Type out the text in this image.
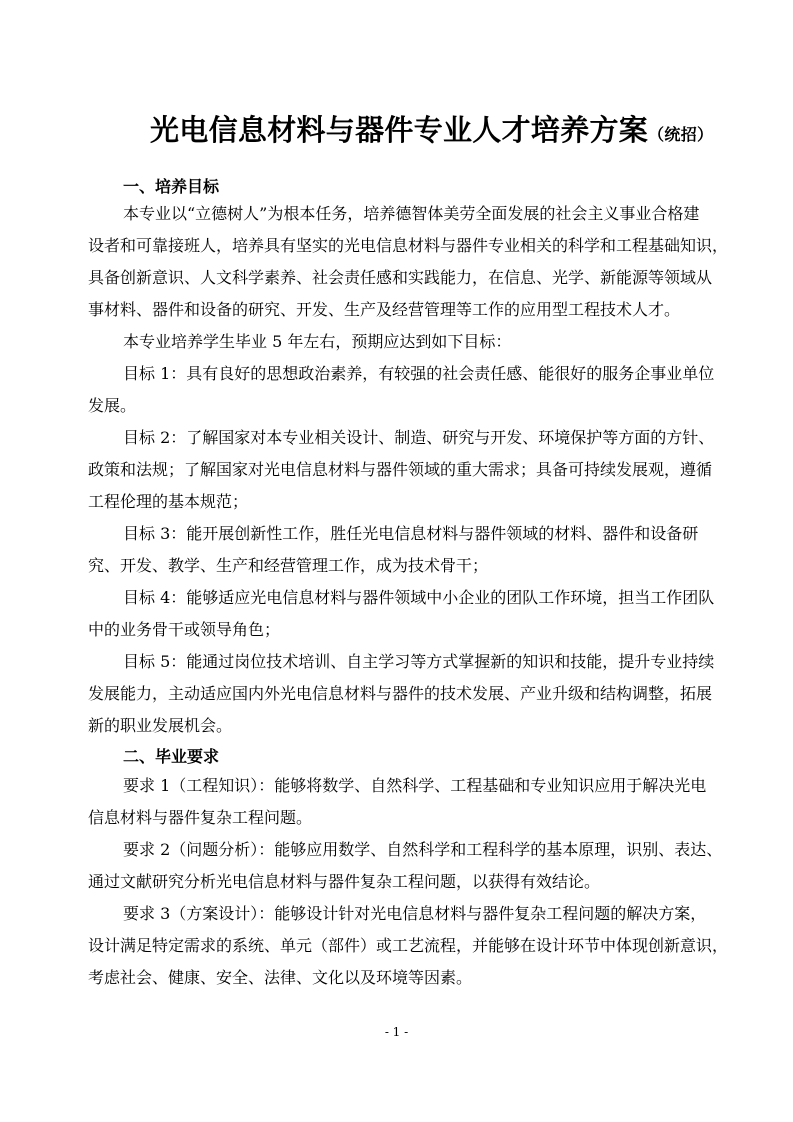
光电信息材料与器件专业人才培养方案（统招）
一、培养目标
本专业以“立德树人”为根本任务，培养德智体美劳全面发展的社会主义事业合格建
设者和可靠接班人，培养具有坚实的光电信息材料与器件专业相关的科学和工程基础知识，
具备创新意识、人文科学素养、社会责任感和实践能力，在信息、光学、新能源等领域从
事材料、器件和设备的研究、开发、生产及经营管理等工作的应用型工程技术人才。
本专业培养学生毕业 5 年左右，预期应达到如下目标：
目标 1：具有良好的思想政治素养，有较强的社会责任感、能很好的服务企事业单位
发展。
目标 2：了解国家对本专业相关设计、制造、研究与开发、环境保护等方面的方针、
政策和法规；了解国家对光电信息材料与器件领域的重大需求；具备可持续发展观，遵循
工程伦理的基本规范；
目标 3：能开展创新性工作，胜任光电信息材料与器件领域的材料、器件和设备研
究、开发、教学、生产和经营管理工作，成为技术骨干；
目标 4：能够适应光电信息材料与器件领域中小企业的团队工作环境，担当工作团队
中的业务骨干或领导角色；
目标 5：能通过岗位技术培训、自主学习等方式掌握新的知识和技能，提升专业持续
发展能力，主动适应国内外光电信息材料与器件的技术发展、产业升级和结构调整，拓展
新的职业发展机会。
二、毕业要求
要求 1（工程知识）：能够将数学、自然科学、工程基础和专业知识应用于解决光电
信息材料与器件复杂工程问题。
要求 2（问题分析）：能够应用数学、自然科学和工程科学的基本原理，识别、表达、
通过文献研究分析光电信息材料与器件复杂工程问题，以获得有效结论。
要求 3（方案设计）：能够设计针对光电信息材料与器件复杂工程问题的解决方案，
设计满足特定需求的系统、单元（部件）或工艺流程，并能够在设计环节中体现创新意识，
考虑社会、健康、安全、法律、文化以及环境等因素。
- 1 -
